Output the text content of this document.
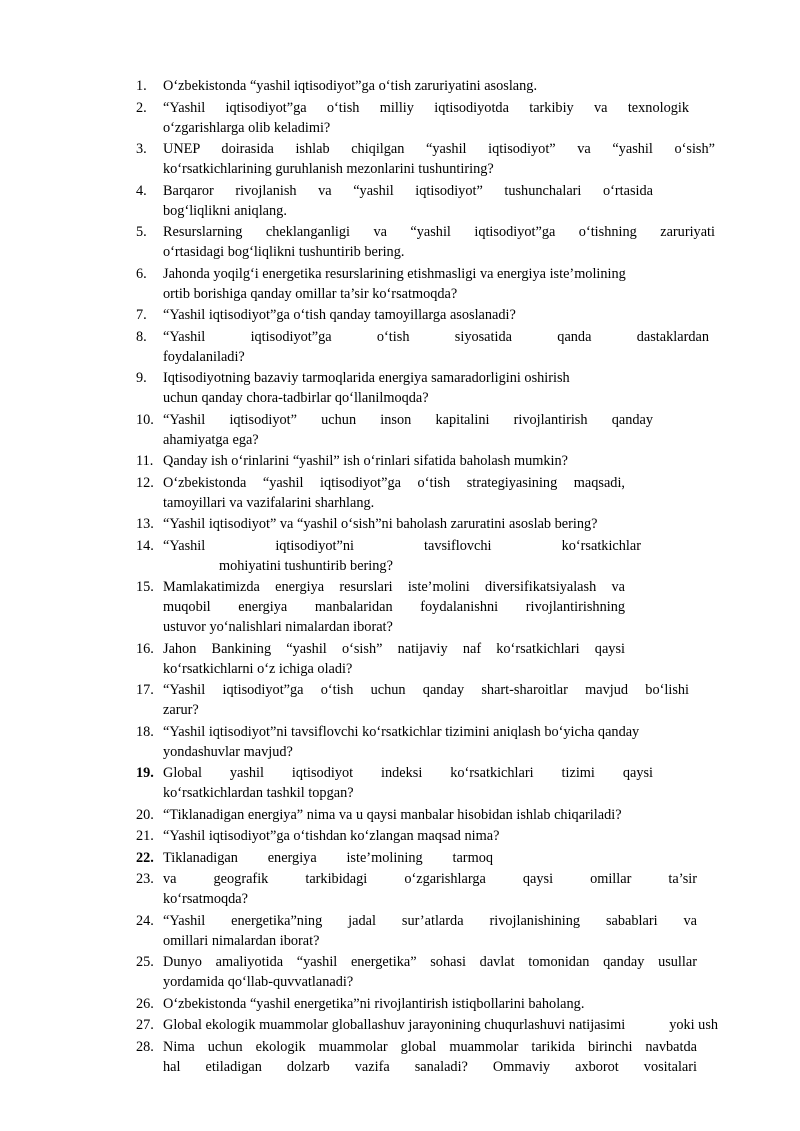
1.	O‘zbekistonda “yashil iqtisodiyot”ga o‘tish zaruriyatini asoslang.
2.	“Yashil iqtisodiyot”ga o‘tish milliy iqtisodiyotda tarkibiy va texnologik
o‘zgarishlarga olib keladimi?
3.	UNEP doirasida ishlab chiqilgan “yashil iqtisodiyot” va “yashil o‘sish”
ko‘rsatkichlarining guruhlanish mezonlarini tushuntiring?
4.	Barqaror rivojlanish va “yashil iqtisodiyot” tushunchalari o‘rtasida
bog‘liqlikni aniqlang.
5.	Resurslarning cheklanganligi va “yashil iqtisodiyot”ga o‘tishning zaruriyati
o‘rtasidagi bog‘liqlikni tushuntirib bering.
6.	Jahonda yoqilg‘i energetika resurslarining etishmasligi va energiya iste’molining
ortib borishiga qanday omillar ta’sir ko‘rsatmoqda?
7.	“Yashil iqtisodiyot”ga o‘tish qanday tamoyillarga asoslanadi?
8.	“Yashil iqtisodiyot”ga o‘tish siyosatida qanda dastaklardan
foydalaniladi?
9.	Iqtisodiyotning bazaviy tarmoqlarida energiya samaradorligini oshirish
uchun qanday chora-tadbirlar qo‘llanilmoqda?
10. “Yashil iqtisodiyot” uchun inson kapitalini rivojlantirish qanday
ahamiyatga ega?
11. Qanday ish o‘rinlarini “yashil” ish o‘rinlari sifatida baholash mumkin?
12. O‘zbekistonda “yashil iqtisodiyot”ga o‘tish strategiyasining maqsadi,
tamoyillari va vazifalarini sharhlang.
13. “Yashil iqtisodiyot” va “yashil o‘sish”ni baholash zaruratini asoslab bering?
14. “Yashil iqtisodiyot”ni tavsiflovchi ko‘rsatkichlar
mohiyatini tushuntirib bering?
15. Mamlakatimizda energiya resurslari iste’molini diversifikatsiyalash va
muqobil energiya manbalaridan foydalanishni rivojlantirishning
ustuvor yo‘nalishlari nimalardan iborat?
16. Jahon Bankining “yashil o‘sish” natijaviy naf ko‘rsatkichlari qaysi
ko‘rsatkichlarni o‘z ichiga oladi?
17. “Yashil iqtisodiyot”ga o‘tish uchun qanday shart-sharoitlar mavjud bo‘lishi
zarur?
18. “Yashil iqtisodiyot”ni tavsiflovchi ko‘rsatkichlar tizimini aniqlash bo‘yicha qanday
yondashuvlar mavjud?
19. Global yashil iqtisodiyot indeksi ko‘rsatkichlari tizimi qaysi
ko‘rsatkichlardan tashkil topgan?
20. “Tiklanadigan energiya” nima va u qaysi manbalar hisobidan ishlab chiqariladi?
21. “Yashil iqtisodiyot”ga o‘tishdan ko‘zlangan maqsad nima?
22. Tiklanadigan energiya iste’molining tarmoq
23. va geografik tarkibidagi o‘zgarishlarga qaysi omillar ta’sir
ko‘rsatmoqda?
24. “Yashil energetika”ning jadal sur’atlarda rivojlanishining sabablari va
omillari nimalardan iborat?
25. Dunyo amaliyotida “yashil energetika” sohasi davlat tomonidan qanday usullar
yordamida qo‘llab-quvvatlanadi?
26. O‘zbekistonda “yashil energetika”ni rivojlantirish istiqbollarini baholang.
27. Global ekologik muammolar globallashuv jarayonining chuqurlashuvi natijasimi	yoki ush
28. Nima uchun ekologik muammolar global muammolar tarikida birinchi navbatda
hal etiladigan dolzarb vazifa sanaladi? Ommaviy axborot vositalari
